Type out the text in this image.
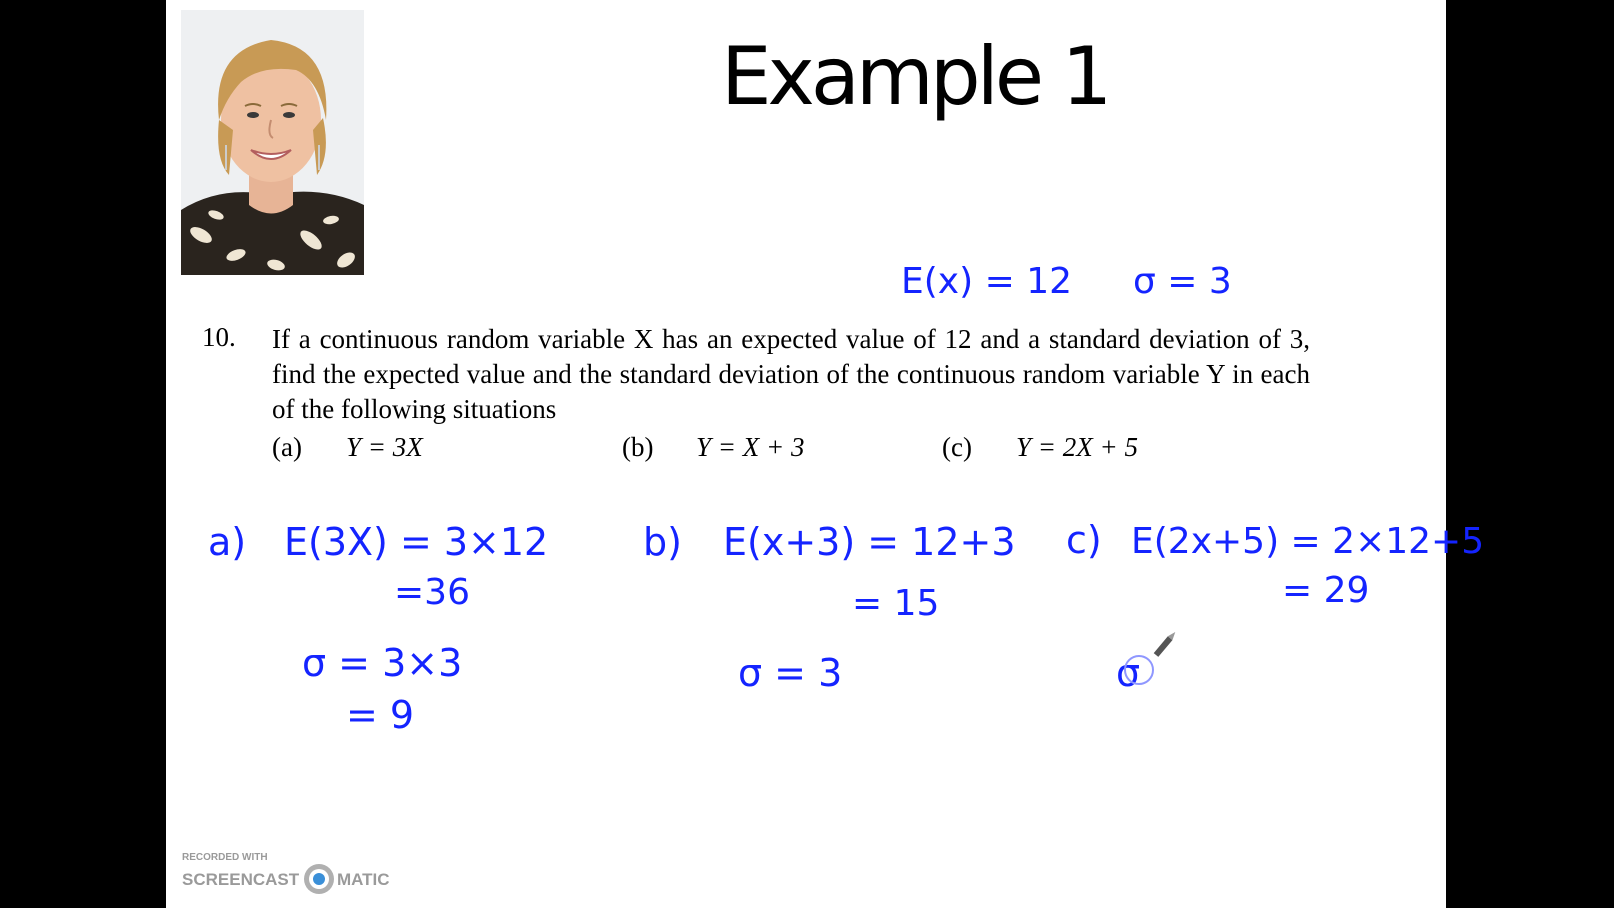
Example 1
10. If a continuous random variable X has an expected value of 12 and a standard deviation of 3, find the expected value and the standard deviation of the continuous random variable Y in each of the following situations
(a) Y = 3X	(b) Y = X + 3	(c) Y = 2X + 5
E(x) = 12 σ = 3
a) E(3X) = 3×12
=36
σ = 3×3
= 9
b) E(x+3) = 12+3
= 15
σ = 3
c) E(2x+5) = 2×12+5
= 29
σ
RECORDED WITH
SCREENCAST MATIC
